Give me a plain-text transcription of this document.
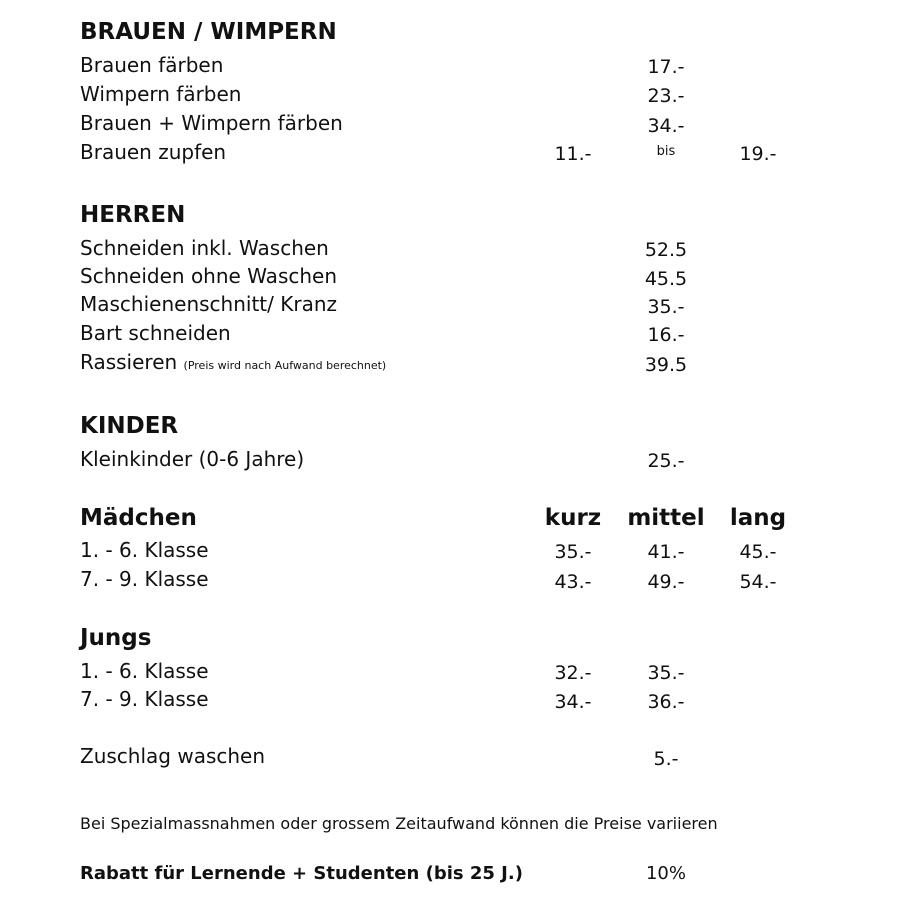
BRAUEN / WIMPERN
Brauen färben	17.-
Wimpern färben	23.-
Brauen + Wimpern färben	34.-
Brauen zupfen	11.-	bis	19.-
HERREN
Schneiden inkl. Waschen	52.5
Schneiden ohne Waschen	45.5
Maschienenschnitt/ Kranz	35.-
Bart schneiden	16.-
Rassieren (Preis wird nach Aufwand berechnet)	39.5
KINDER
Kleinkinder (0-6 Jahre)	25.-
Mädchen	kurz	mittel	lang
1. - 6. Klasse	35.-	41.-	45.-
7. - 9. Klasse	43.-	49.-	54.-
Jungs
1. - 6. Klasse	32.-	35.-
7. - 9. Klasse	34.-	36.-
Zuschlag waschen	5.-
Bei Spezialmassnahmen oder grossem Zeitaufwand können die Preise variieren
Rabatt für Lernende + Studenten (bis 25 J.)	10%
